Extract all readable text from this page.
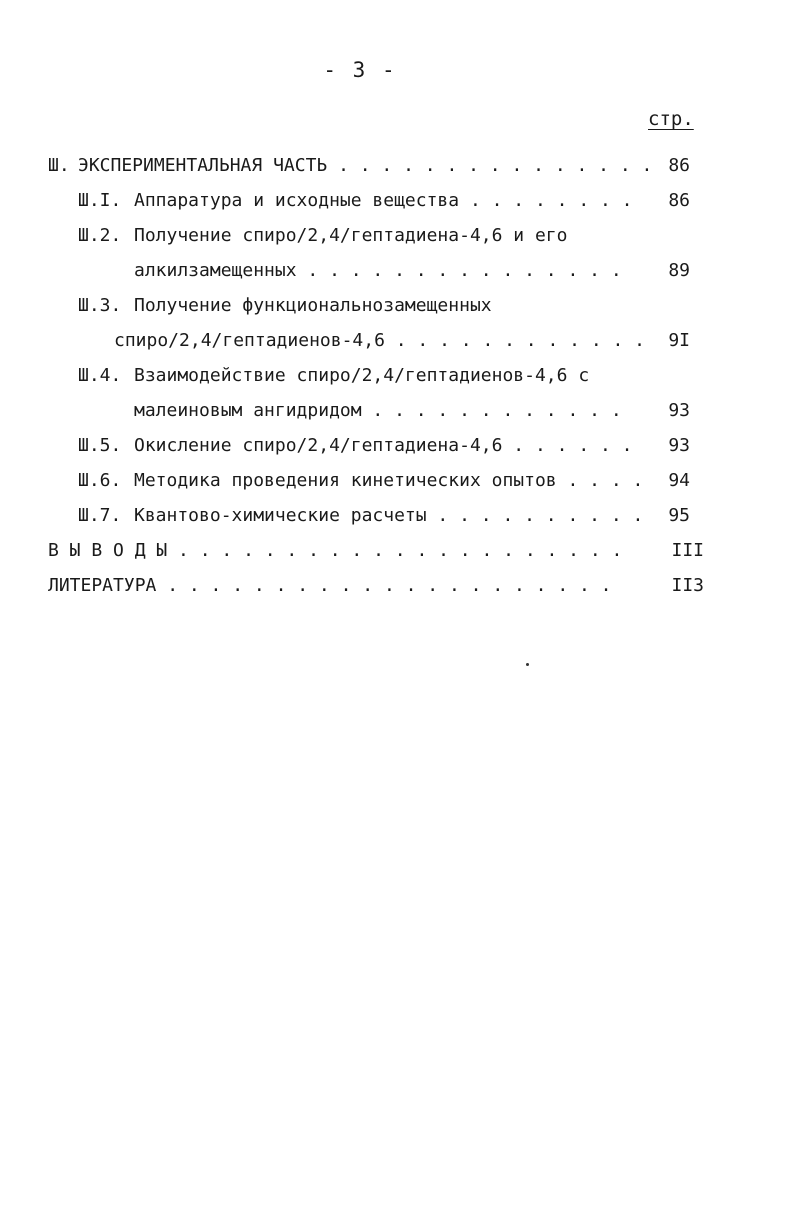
- 3 -
стр.
Ш. ЭКСПЕРИМЕНТАЛЬНАЯ ЧАСТЬ . . . . . . . . . . . . . . . 86
Ш.I. Аппаратура и исходные вещества . . . . . . . . 86
Ш.2. Получение спиро/2,4/гептадиена-4,6 и его
алкилзамещенных . . . . . . . . . . . . . . .	89
Ш.3. Получение функциональнозамещенных
спиро/2,4/гептадиенов-4,6 . . . . . . . . . . . . 9I
Ш.4. Взаимодействие спиро/2,4/гептадиенов-4,6 с
малеиновым ангидридом . . . . . . . . . . . .	93
Ш.5. Окисление спиро/2,4/гептадиена-4,6 . . . . . . 93
Ш.6. Методика проведения кинетических опытов . . . . 94
Ш.7. Квантово-химические расчеты . . . . . . . . . . 95
В Ы В О Д Ы . . . . . . . . . . . . . . . . . . . . .	III
ЛИТЕРАТУРА . . . . . . . . . . . . . . . . . . . . .	II3
